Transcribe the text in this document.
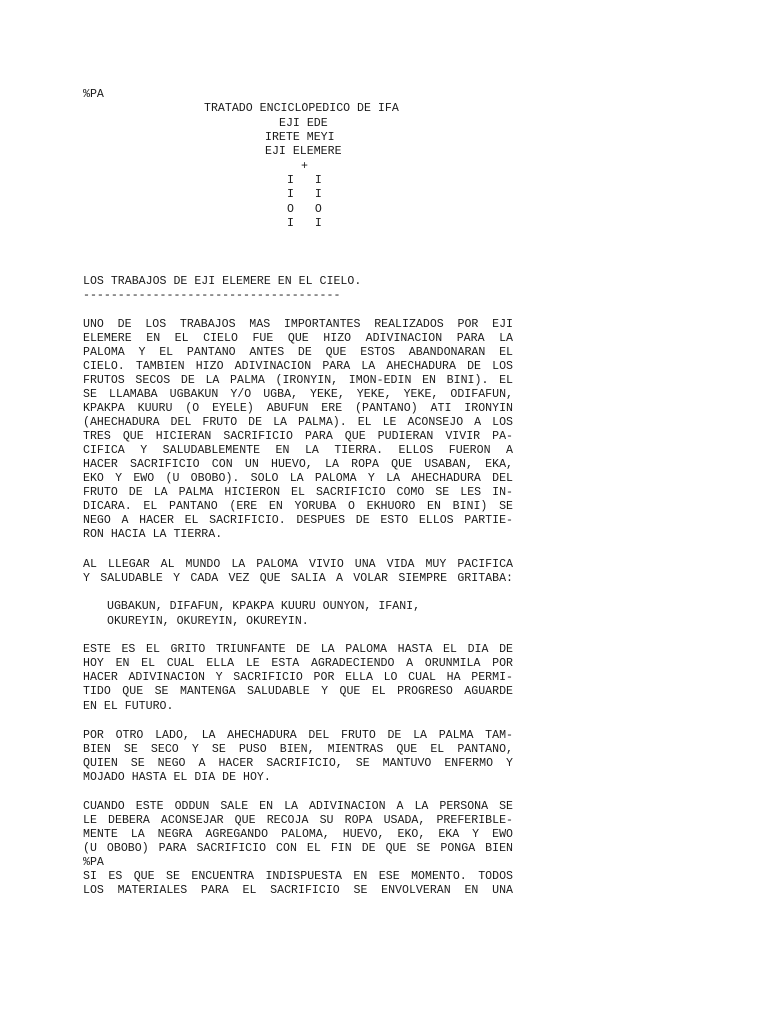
%PA
TRATADO ENCICLOPEDICO DE IFA
EJI EDE
IRETE MEYI
EJI ELEMERE
+
I   I
I   I
O   O
I   I
LOS TRABAJOS DE EJI ELEMERE EN EL CIELO.
-------------------------------------
UNO DE LOS TRABAJOS MAS IMPORTANTES REALIZADOS POR EJI
ELEMERE EN EL CIELO FUE QUE HIZO ADIVINACION PARA LA
PALOMA Y EL PANTANO ANTES DE QUE ESTOS ABANDONARAN EL
CIELO. TAMBIEN HIZO ADIVINACION PARA LA AHECHADURA DE LOS
FRUTOS SECOS DE LA PALMA (IRONYIN, IMON-EDIN EN BINI). EL
SE LLAMABA UGBAKUN Y/O UGBA, YEKE, YEKE, YEKE, ODIFAFUN,
KPAKPA KUURU (O EYELE) ABUFUN ERE (PANTANO) ATI IRONYIN
(AHECHADURA DEL FRUTO DE LA PALMA). EL LE ACONSEJO A LOS
TRES QUE HICIERAN SACRIFICIO PARA QUE PUDIERAN VIVIR PA-
CIFICA Y SALUDABLEMENTE EN LA TIERRA. ELLOS FUERON A
HACER SACRIFICIO CON UN HUEVO, LA ROPA QUE USABAN, EKA,
EKO Y EWO (U OBOBO). SOLO LA PALOMA Y LA AHECHADURA DEL
FRUTO DE LA PALMA HICIERON EL SACRIFICIO COMO SE LES IN-
DICARA. EL PANTANO (ERE EN YORUBA O EKHUORO EN BINI) SE
NEGO A HACER EL SACRIFICIO. DESPUES DE ESTO ELLOS PARTIE-
RON HACIA LA TIERRA.
AL LLEGAR AL MUNDO LA PALOMA VIVIO UNA VIDA MUY PACIFICA
Y SALUDABLE Y CADA VEZ QUE SALIA A VOLAR SIEMPRE GRITABA:
UGBAKUN, DIFAFUN, KPAKPA KUURU OUNYON, IFANI,
OKUREYIN, OKUREYIN, OKUREYIN.
ESTE ES EL GRITO TRIUNFANTE DE LA PALOMA HASTA EL DIA DE
HOY EN EL CUAL ELLA LE ESTA AGRADECIENDO A ORUNMILA POR
HACER ADIVINACION Y SACRIFICIO POR ELLA LO CUAL HA PERMI-
TIDO QUE SE MANTENGA SALUDABLE Y QUE EL PROGRESO AGUARDE
EN EL FUTURO.
POR OTRO LADO, LA AHECHADURA DEL FRUTO DE LA PALMA TAM-
BIEN SE SECO Y SE PUSO BIEN, MIENTRAS QUE EL PANTANO,
QUIEN SE NEGO A HACER SACRIFICIO, SE MANTUVO ENFERMO Y
MOJADO HASTA EL DIA DE HOY.
CUANDO ESTE ODDUN SALE EN LA ADIVINACION A LA PERSONA SE
LE DEBERA ACONSEJAR QUE RECOJA SU ROPA USADA, PREFERIBLE-
MENTE LA NEGRA AGREGANDO PALOMA, HUEVO, EKO, EKA Y EWO
(U OBOBO) PARA SACRIFICIO CON EL FIN DE QUE SE PONGA BIEN
%PA
SI ES QUE SE ENCUENTRA INDISPUESTA EN ESE MOMENTO. TODOS
LOS MATERIALES PARA EL SACRIFICIO SE ENVOLVERAN EN UNA
